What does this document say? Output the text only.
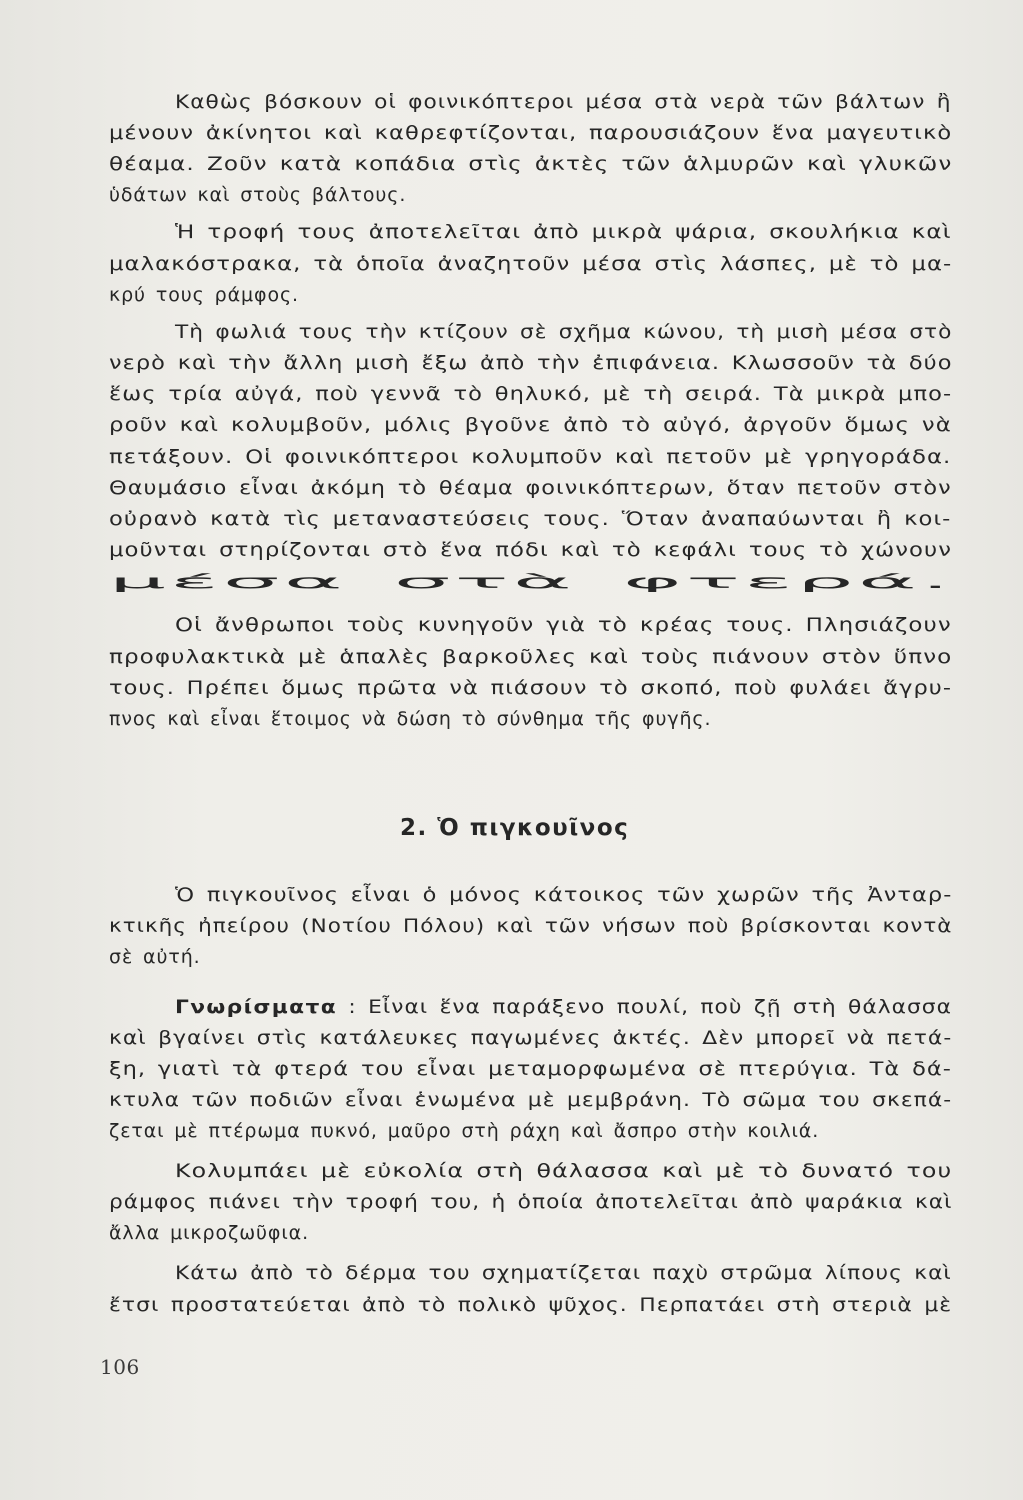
Καθὼς βόσκουν οἱ φοινικόπτεροι μέσα στὰ νερὰ τῶν βάλτων ἢ
μένουν ἀκίνητοι καὶ καθρεφτίζονται, παρουσιάζουν ἕνα μαγευτικὸ
θέαμα. Ζοῦν κατὰ κοπάδια στὶς ἀκτὲς τῶν ἁλμυρῶν καὶ γλυκῶν
ὑδάτων καὶ στοὺς βάλτους.
Ἡ τροφή τους ἀποτελεῖται ἀπὸ μικρὰ ψάρια, σκουλήκια καὶ
μαλακόστρακα, τὰ ὁποῖα ἀναζητοῦν μέσα στὶς λάσπες, μὲ τὸ μα-
κρύ τους ράμφος.
Τὴ φωλιά τους τὴν κτίζουν σὲ σχῆμα κώνου, τὴ μισὴ μέσα στὸ
νερὸ καὶ τὴν ἄλλη μισὴ ἔξω ἀπὸ τὴν ἐπιφάνεια. Κλωσσοῦν τὰ δύο
ἕως τρία αὐγά, ποὺ γεννᾶ τὸ θηλυκό, μὲ τὴ σειρά. Τὰ μικρὰ μπο-
ροῦν καὶ κολυμβοῦν, μόλις βγοῦνε ἀπὸ τὸ αὐγό, ἀργοῦν ὅμως νὰ
πετάξουν. Οἱ φοινικόπτεροι κολυμποῦν καὶ πετοῦν μὲ γρηγοράδα.
Θαυμάσιο εἶναι ἀκόμη τὸ θέαμα φοινικόπτερων, ὅταν πετοῦν στὸν
οὐρανὸ κατὰ τὶς μεταναστεύσεις τους. Ὅταν ἀναπαύωνται ἢ κοι-
μοῦνται στηρίζονται στὸ ἕνα πόδι καὶ τὸ κεφάλι τους τὸ χώνουν
μέσα στὰ φτερά.
Οἱ ἄνθρωποι τοὺς κυνηγοῦν γιὰ τὸ κρέας τους. Πλησιάζουν
προφυλακτικὰ μὲ ἁπαλὲς βαρκοῦλες καὶ τοὺς πιάνουν στὸν ὕπνο
τους. Πρέπει ὅμως πρῶτα νὰ πιάσουν τὸ σκοπό, ποὺ φυλάει ἄγρυ-
πνος καὶ εἶναι ἕτοιμος νὰ δώση τὸ σύνθημα τῆς φυγῆς.
Ὁ πιγκουῖνος εἶναι ὁ μόνος κάτοικος τῶν χωρῶν τῆς Ἀνταρ-
κτικῆς ἠπείρου (Νοτίου Πόλου) καὶ τῶν νήσων ποὺ βρίσκονται κοντὰ
σὲ αὐτή.
Γνωρίσματα : Εἶναι ἕνα παράξενο πουλί, ποὺ ζῇ στὴ θάλασσα
καὶ βγαίνει στὶς κατάλευκες παγωμένες ἀκτές. Δὲν μπορεῖ νὰ πετά-
ξη, γιατὶ τὰ φτερά του εἶναι μεταμορφωμένα σὲ πτερύγια. Τὰ δά-
κτυλα τῶν ποδιῶν εἶναι ἑνωμένα μὲ μεμβράνη. Τὸ σῶμα του σκεπά-
ζεται μὲ πτέρωμα πυκνό, μαῦρο στὴ ράχη καὶ ἄσπρο στὴν κοιλιά.
Κολυμπάει μὲ εὐκολία στὴ θάλασσα καὶ μὲ τὸ δυνατό του
ράμφος πιάνει τὴν τροφή του, ἡ ὁποία ἀποτελεῖται ἀπὸ ψαράκια καὶ
ἄλλα μικροζωῦφια.
Κάτω ἀπὸ τὸ δέρμα του σχηματίζεται παχὺ στρῶμα λίπους καὶ
ἔτσι προστατεύεται ἀπὸ τὸ πολικὸ ψῦχος. Περπατάει στὴ στεριὰ μὲ
2. Ὁ πιγκουῖνος
106
